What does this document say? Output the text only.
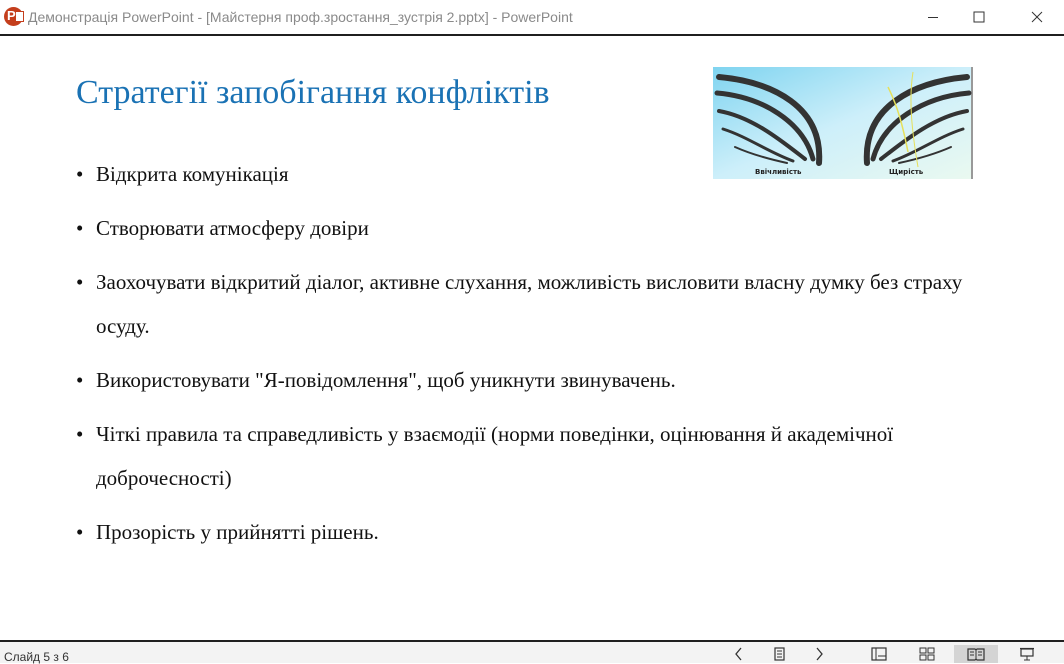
P Демонстрація PowerPoint - [Майстерня проф.зростання_зустрія 2.pptx] - PowerPoint
Стратегії запобігання конфліктів
Ввічливість	Щирість
• Відкрита комунікація
• Створювати атмосферу довіри
• Заохочувати відкритий діалог, активне слухання, можливість висловити власну думку без страху осуду.
• Використовувати "Я-повідомлення", щоб уникнути звинувачень.
• Чіткі правила та справедливість у взаємодії (норми поведінки, оцінювання й академічної доброчесності)
• Прозорість у прийнятті рішень.
Слайд 5 з 6
